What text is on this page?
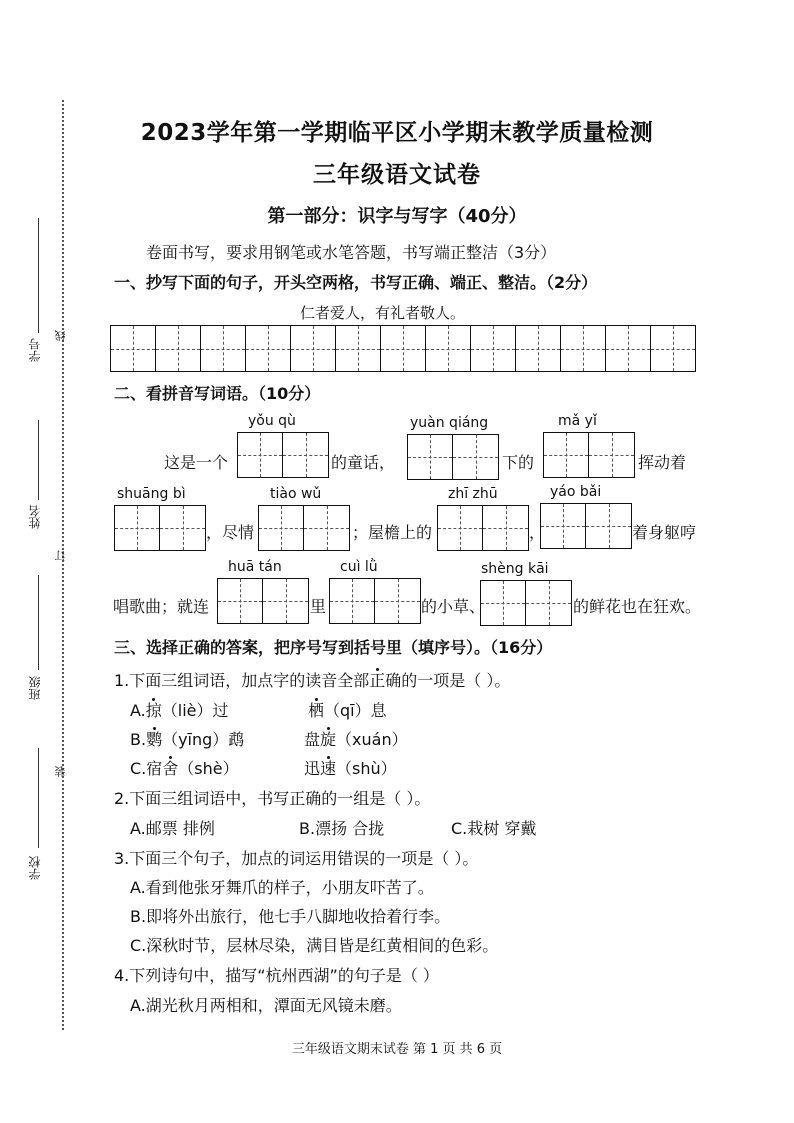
学号
姓名
班级
学校
线
订
装
2023学年第一学期临平区小学期末教学质量检测
三年级语文试卷
第一部分：识字与写字（40分）
卷面书写，要求用钢笔或水笔答题，书写端正整洁（3分）
一、抄写下面的句子，开头空两格，书写正确、端正、整洁。（2分）
仁者爱人，有礼者敬人。
二、看拼音写词语。（10分）
yǒu qù	yuàn qiáng	mǎ yǐ
这是一个	的童话，	下的	挥动着
shuāng bì	tiào wǔ	zhī zhū	yáo bǎi
，尽情	；屋檐上的	，	着身躯哼
huā tán	cuì lǜ	shèng kāi
唱歌曲；就连	里	的小草、	的鲜花也在狂欢。
三、选择正确的答案，把序号写到括号里（填序号）。（16分）
1.下面三组词语，加点字的读音全部正确的一项是（ ）。
A.掠（liè）过	栖（qī）息
B.鹦（yīng）鹉	盘旋（xuán）
C.宿舍（shè）	迅速（shù）
2.下面三组词语中，书写正确的一组是（ ）。
A.邮票 排例	B.漂扬 合拢	C.栽树 穿戴
3.下面三个句子，加点的词运用错误的一项是（ ）。
A.看到他张牙舞爪的样子，小朋友吓苦了。
B.即将外出旅行，他七手八脚地收拾着行李。
C.深秋时节，层林尽染，满目皆是红黄相间的色彩。
4.下列诗句中，描写“杭州西湖”的句子是（ ）
A.湖光秋月两相和，潭面无风镜未磨。
三年级语文期末试卷 第 1 页 共 6 页
